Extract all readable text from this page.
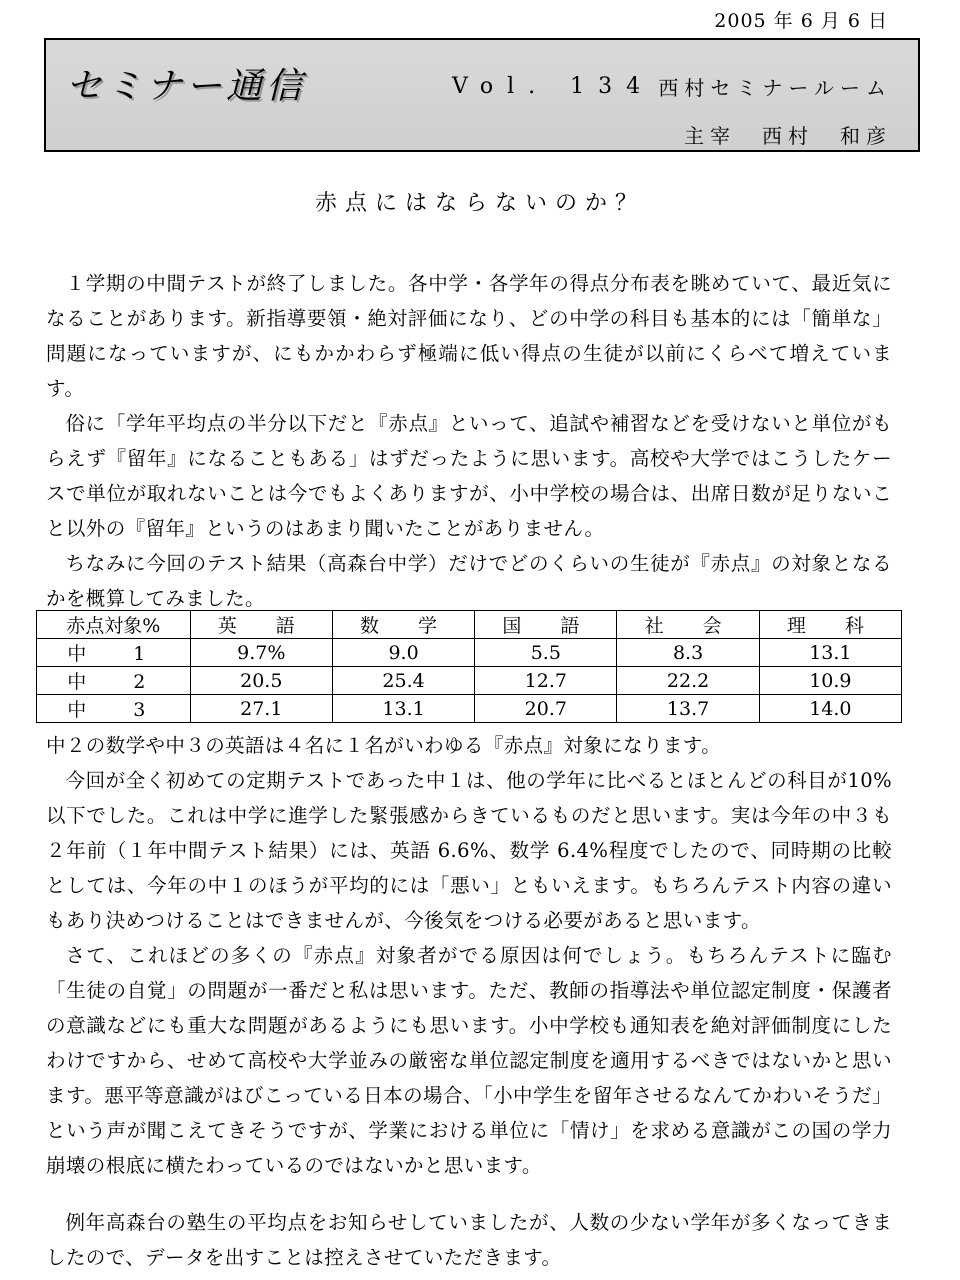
2005 年 6 月 6 日
セミナー通信	Vol. 134 西村セミナールーム
主宰　西村　和彦
赤点にはならないのか？

１学期の中間テストが終了しました。各中学・各学年の得点分布表を眺めていて、最近気になることがあります。新指導要領・絶対評価になり、どの中学の科目も基本的には「簡単な」問題になっていますが、にもかかわらず極端に低い得点の生徒が以前にくらべて増えています。

俗に「学年平均点の半分以下だと『赤点』といって、追試や補習などを受けないと単位がもらえず『留年』になることもある」はずだったように思います。高校や大学ではこうしたケースで単位が取れないことは今でもよくありますが、小中学校の場合は、出席日数が足りないこと以外の『留年』というのはあまり聞いたことがありません。

ちなみに今回のテスト結果（高森台中学）だけでどのくらいの生徒が『赤点』の対象となるかを概算してみました。

赤点対象%	英　語	数　学	国　語	社　会	理　科
中　1	9.7%	9.0	5.5	8.3	13.1
中　2	20.5	25.4	12.7	22.2	10.9
中　3	27.1	13.1	20.7	13.7	14.0

中２の数学や中３の英語は４名に１名がいわゆる『赤点』対象になります。

今回が全く初めての定期テストであった中１は、他の学年に比べるとほとんどの科目が10%以下でした。これは中学に進学した緊張感からきているものだと思います。実は今年の中３も２年前（１年中間テスト結果）には、英語 6.6%、数学 6.4%程度でしたので、同時期の比較としては、今年の中１のほうが平均的には「悪い」ともいえます。もちろんテスト内容の違いもあり決めつけることはできませんが、今後気をつける必要があると思います。

さて、これほどの多くの『赤点』対象者がでる原因は何でしょう。もちろんテストに臨む「生徒の自覚」の問題が一番だと私は思います。ただ、教師の指導法や単位認定制度・保護者の意識などにも重大な問題があるようにも思います。小中学校も通知表を絶対評価制度にしたわけですから、せめて高校や大学並みの厳密な単位認定制度を適用するべきではないかと思います。悪平等意識がはびこっている日本の場合、「小中学生を留年させるなんてかわいそうだ」という声が聞こえてきそうですが、学業における単位に「情け」を求める意識がこの国の学力崩壊の根底に横たわっているのではないかと思います。

例年高森台の塾生の平均点をお知らせしていましたが、人数の少ない学年が多くなってきましたので、データを出すことは控えさせていただきます。
